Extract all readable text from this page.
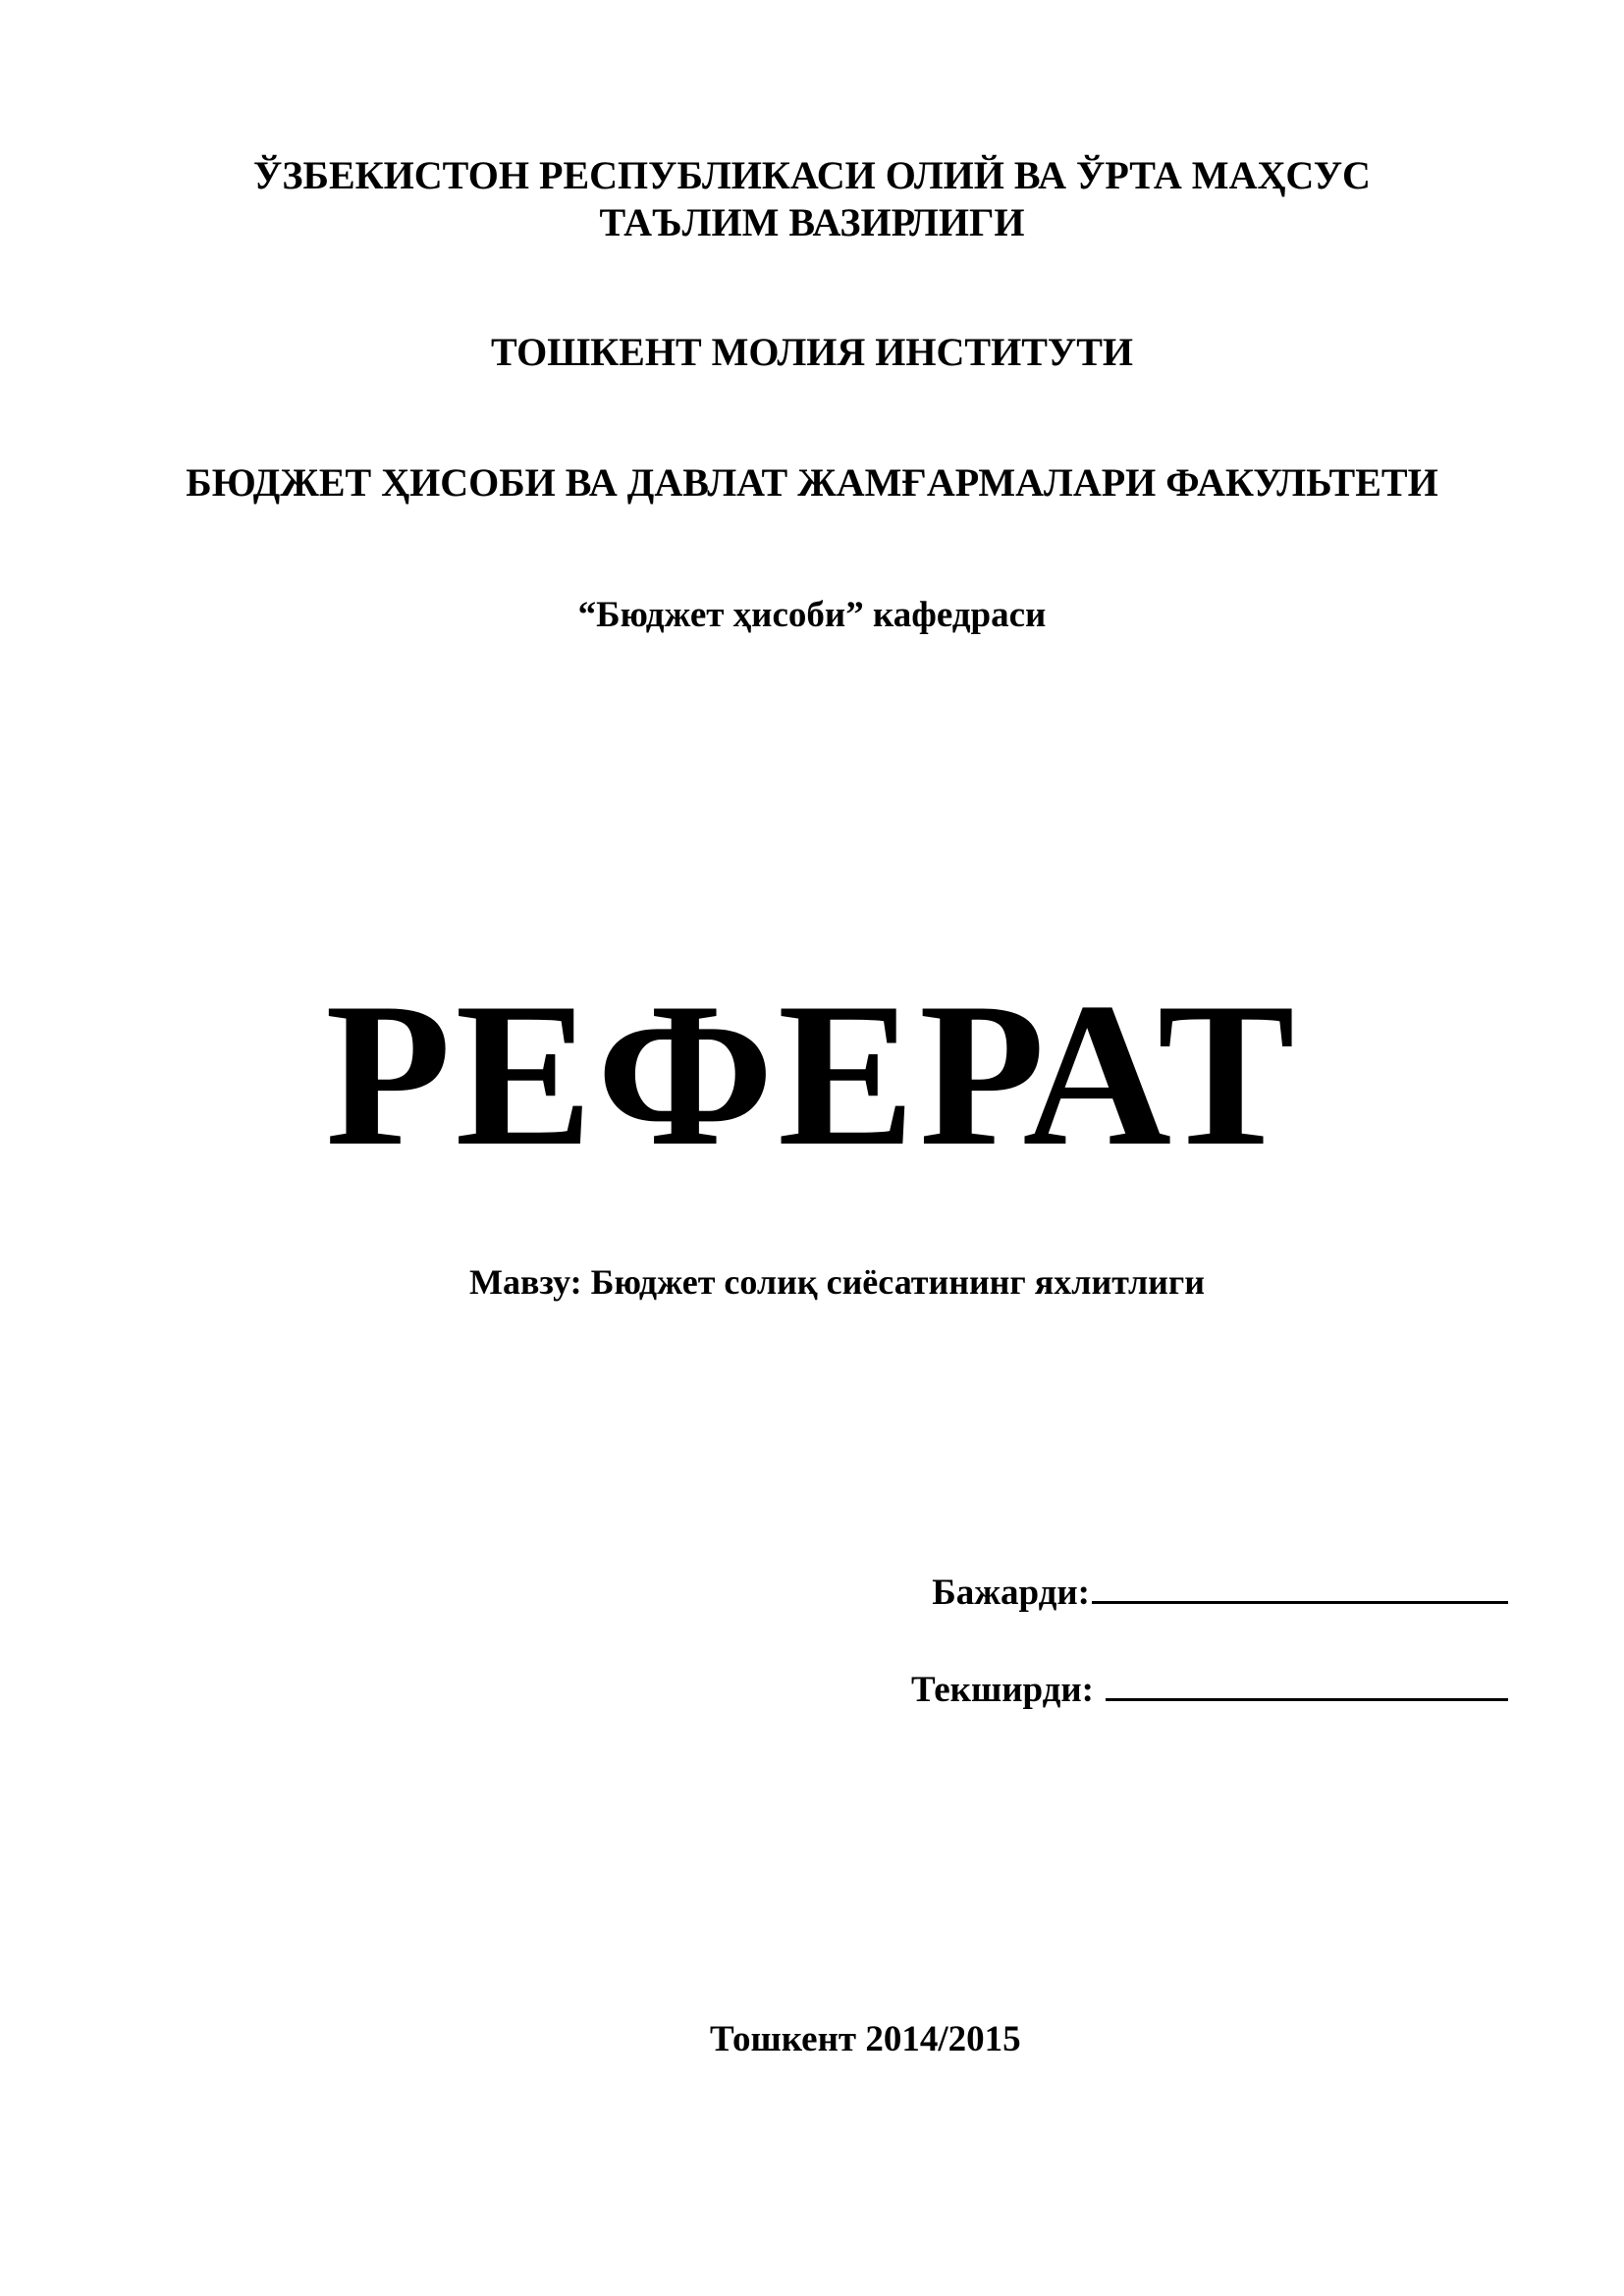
ЎЗБЕКИСТОН РЕСПУБЛИКАСИ ОЛИЙ ВА ЎРТА МАҲСУС
ТАЪЛИМ ВАЗИРЛИГИ
ТОШКЕНТ МОЛИЯ ИНСТИТУТИ
БЮДЖЕТ ҲИСОБИ ВА ДАВЛАТ ЖАМҒАРМАЛАРИ ФАКУЛЬТЕТИ
“Бюджет ҳисоби” кафедраси
РЕФЕРАТ
Мавзу: Бюджет солиқ сиёсатининг яхлитлиги
Бажарди:
Текширди:
Тошкент 2014/2015
